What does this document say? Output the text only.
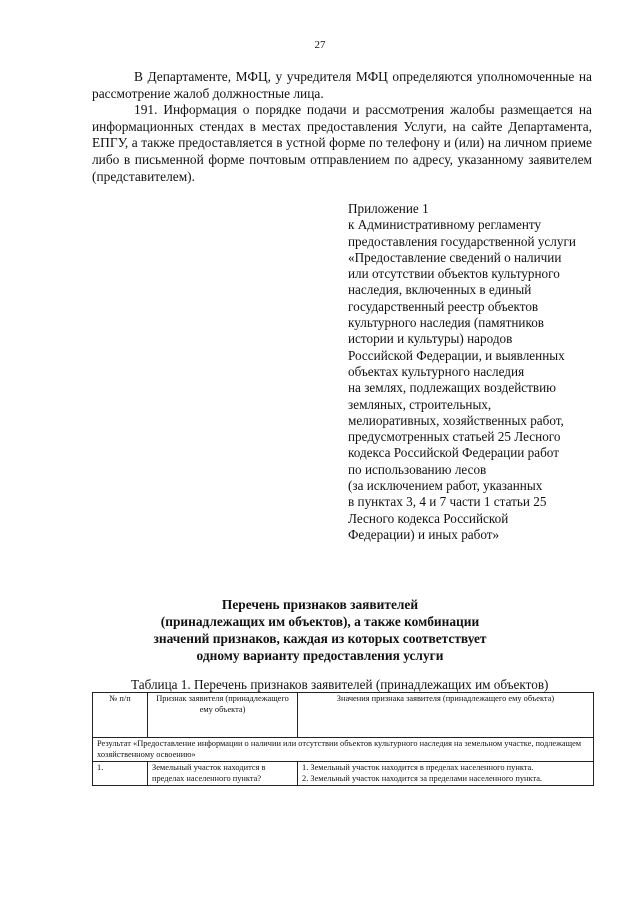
27

В Департаменте, МФЦ, у учредителя МФЦ определяются уполномоченные на рассмотрение жалоб должностные лица.

191. Информация о порядке подачи и рассмотрения жалобы размещается на информационных стендах в местах предоставления Услуги, на сайте Департамента, ЕПГУ, а также предоставляется в устной форме по телефону и (или) на личном приеме либо в письменной форме почтовым отправлением по адресу, указанному заявителем (представителем).

Приложение 1
к Административному регламенту
предоставления государственной услуги
«Предоставление сведений о наличии
или отсутствии объектов культурного
наследия, включенных в единый
государственный реестр объектов
культурного наследия (памятников
истории и культуры) народов
Российской Федерации, и выявленных
объектах культурного наследия
на землях, подлежащих воздействию
земляных, строительных,
мелиоративных, хозяйственных работ,
предусмотренных статьей 25 Лесного
кодекса Российской Федерации работ
по использованию лесов
(за исключением работ, указанных
в пунктах 3, 4 и 7 части 1 статьи 25
Лесного кодекса Российской
Федерации) и иных работ»
Перечень признаков заявителей
(принадлежащих им объектов), а также комбинации
значений признаков, каждая из которых соответствует
одному варианту предоставления услуги
Таблица 1. Перечень признаков заявителей (принадлежащих им объектов)
№ п/п	Признак заявителя (принадлежащего ему объекта)	Значения признака заявителя (принадлежащего ему объекта)
Результат «Предоставление информации о наличии или отсутствии объектов культурного наследия на земельном участке, подлежащем хозяйственному освоению»		
1.	Земельный участок находится в пределах населенного пункта?	1. Земельный участок находится в пределах населенного пункта.
2. Земельный участок находится за пределами населенного пункта.
